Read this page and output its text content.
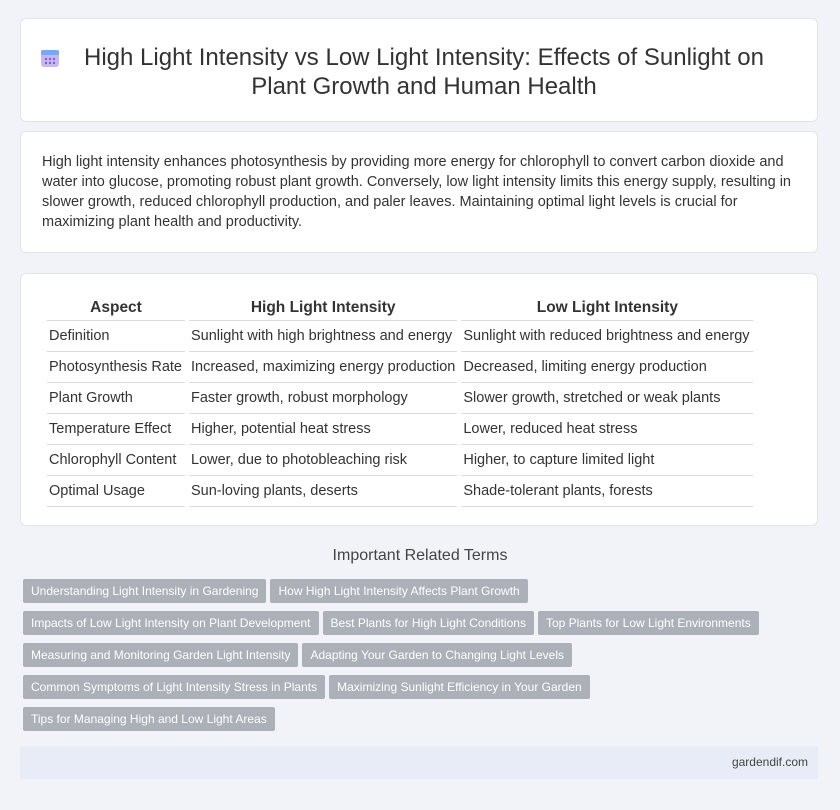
High Light Intensity vs Low Light Intensity: Effects of Sunlight on Plant Growth and Human Health

High light intensity enhances photosynthesis by providing more energy for chlorophyll to convert carbon dioxide and water into glucose, promoting robust plant growth. Conversely, low light intensity limits this energy supply, resulting in slower growth, reduced chlorophyll production, and paler leaves. Maintaining optimal light levels is crucial for maximizing plant health and productivity.

Aspect	High Light Intensity	Low Light Intensity
Definition	Sunlight with high brightness and energy	Sunlight with reduced brightness and energy
Photosynthesis Rate	Increased, maximizing energy production	Decreased, limiting energy production
Plant Growth	Faster growth, robust morphology	Slower growth, stretched or weak plants
Temperature Effect	Higher, potential heat stress	Lower, reduced heat stress
Chlorophyll Content	Lower, due to photobleaching risk	Higher, to capture limited light
Optimal Usage	Sun-loving plants, deserts	Shade-tolerant plants, forests
Important Related Terms
Understanding Light Intensity in Gardening How High Light Intensity Affects Plant Growth
Impacts of Low Light Intensity on Plant Development Best Plants for High Light Conditions Top Plants for Low Light Environments
Measuring and Monitoring Garden Light Intensity Adapting Your Garden to Changing Light Levels
Common Symptoms of Light Intensity Stress in Plants Maximizing Sunlight Efficiency in Your Garden
Tips for Managing High and Low Light Areas
gardendif.com
